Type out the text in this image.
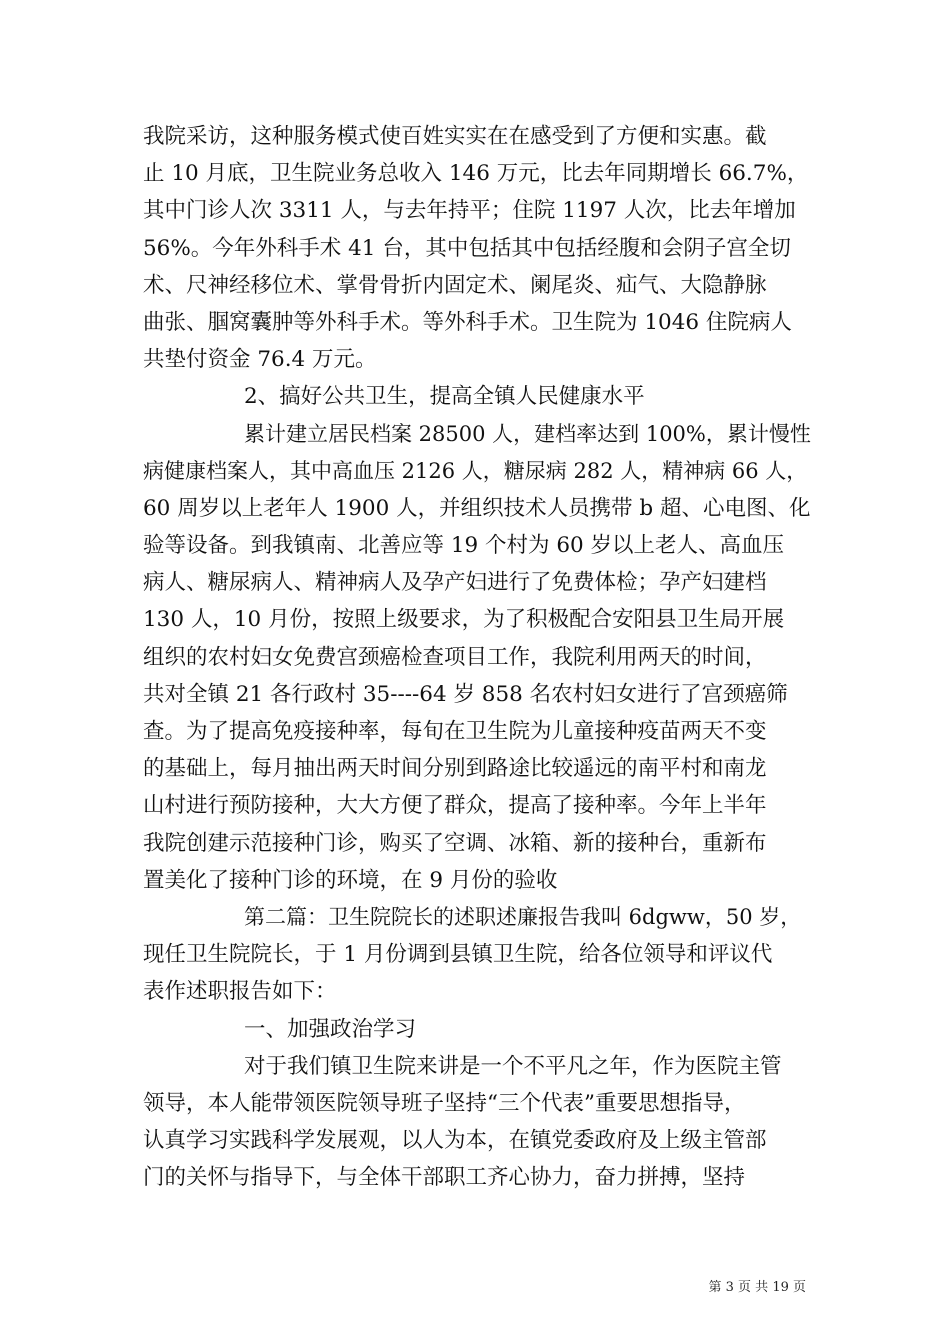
我院采访，这种服务模式使百姓实实在在感受到了方便和实惠。截
止 10 月底，卫生院业务总收入 146 万元，比去年同期增长 66.7%，
其中门诊人次 3311 人，与去年持平；住院 1197 人次，比去年增加
56%。今年外科手术 41 台，其中包括其中包括经腹和会阴子宫全切
术、尺神经移位术、掌骨骨折内固定术、阑尾炎、疝气、大隐静脉
曲张、腘窝囊肿等外科手术。等外科手术。卫生院为 1046 住院病人
共垫付资金 76.4 万元。
2、搞好公共卫生，提高全镇人民健康水平
累计建立居民档案 28500 人，建档率达到 100%，累计慢性
病健康档案人，其中高血压 2126 人，糖尿病 282 人，精神病 66 人，
60 周岁以上老年人 1900 人，并组织技术人员携带 b 超、心电图、化
验等设备。到我镇南、北善应等 19 个村为 60 岁以上老人、高血压
病人、糖尿病人、精神病人及孕产妇进行了免费体检；孕产妇建档
130 人，10 月份，按照上级要求，为了积极配合安阳县卫生局开展
组织的农村妇女免费宫颈癌检查项目工作，我院利用两天的时间，
共对全镇 21 各行政村 35----64 岁 858 名农村妇女进行了宫颈癌筛
查。为了提高免疫接种率，每旬在卫生院为儿童接种疫苗两天不变
的基础上，每月抽出两天时间分别到路途比较遥远的南平村和南龙
山村进行预防接种，大大方便了群众，提高了接种率。今年上半年
我院创建示范接种门诊，购买了空调、冰箱、新的接种台，重新布
置美化了接种门诊的环境，在 9 月份的验收
第二篇：卫生院院长的述职述廉报告我叫 6dgww，50 岁，
现任卫生院院长，于 1 月份调到县镇卫生院，给各位领导和评议代
表作述职报告如下：
一、加强政治学习
对于我们镇卫生院来讲是一个不平凡之年，作为医院主管
领导，本人能带领医院领导班子坚持“三个代表”重要思想指导，
认真学习实践科学发展观，以人为本，在镇党委政府及上级主管部
门的关怀与指导下，与全体干部职工齐心协力，奋力拼搏，坚持
第 3 页 共 19 页
